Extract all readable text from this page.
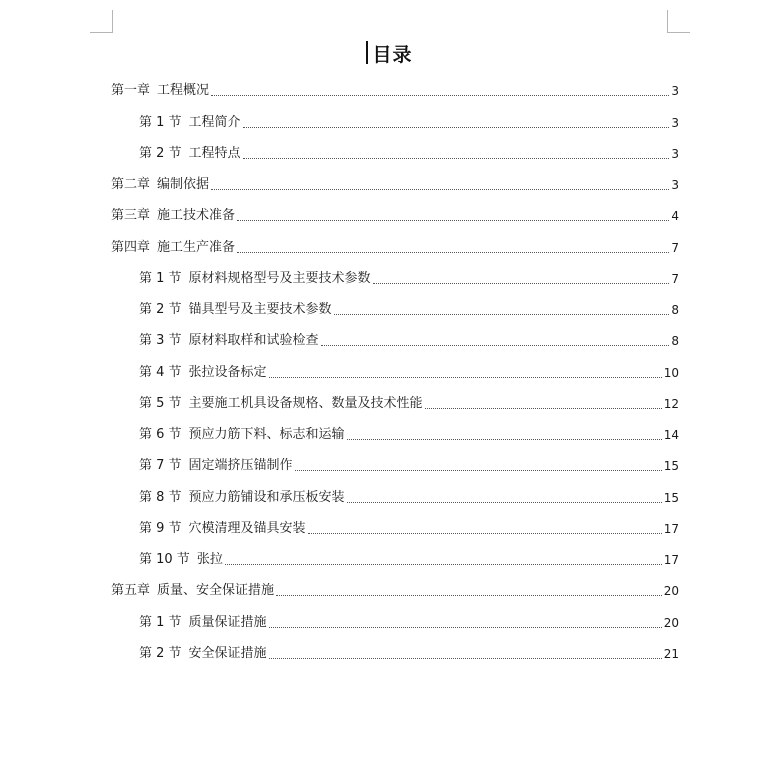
目录
第一章 工程概况	3
第 1 节 工程简介	3
第 2 节 工程特点	3
第二章 编制依据	3
第三章 施工技术准备	4
第四章 施工生产准备	7
第 1 节 原材料规格型号及主要技术参数	7
第 2 节 锚具型号及主要技术参数	8
第 3 节 原材料取样和试验检查	8
第 4 节 张拉设备标定	10
第 5 节 主要施工机具设备规格、数量及技术性能	12
第 6 节 预应力筋下料、标志和运输	14
第 7 节 固定端挤压锚制作	15
第 8 节 预应力筋铺设和承压板安装	15
第 9 节 穴模清理及锚具安装	17
第 10 节 张拉	17
第五章 质量、安全保证措施	20
第 1 节 质量保证措施	20
第 2 节 安全保证措施	21
